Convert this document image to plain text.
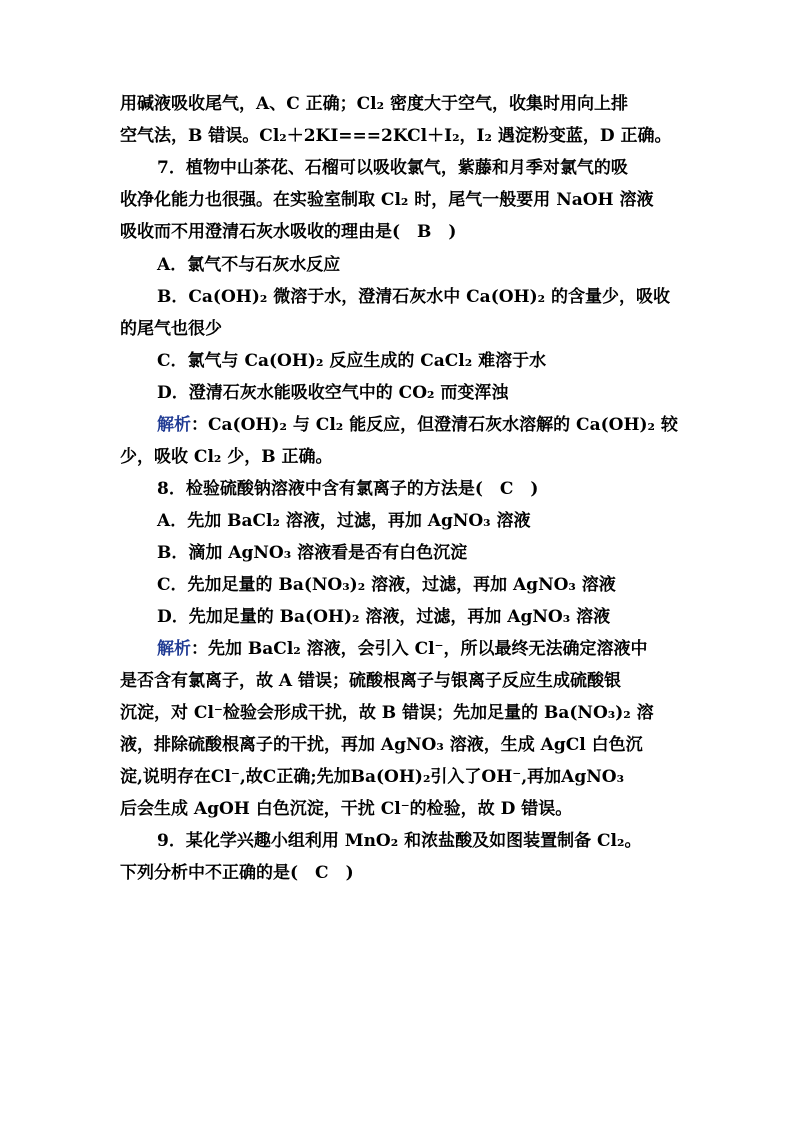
用碱液吸收尾气，A、C 正确；Cl₂ 密度大于空气，收集时用向上排
空气法，B 错误。Cl₂＋2KI===2KCl＋I₂，I₂ 遇淀粉变蓝，D 正确。
7．植物中山茶花、石榴可以吸收氯气，紫藤和月季对氯气的吸
收净化能力也很强。在实验室制取 Cl₂ 时，尾气一般要用 NaOH 溶液
吸收而不用澄清石灰水吸收的理由是(　B　)
A．氯气不与石灰水反应
B．Ca(OH)₂ 微溶于水，澄清石灰水中 Ca(OH)₂ 的含量少，吸收
的尾气也很少
C．氯气与 Ca(OH)₂ 反应生成的 CaCl₂ 难溶于水
D．澄清石灰水能吸收空气中的 CO₂ 而变浑浊
解析：Ca(OH)₂ 与 Cl₂ 能反应，但澄清石灰水溶解的 Ca(OH)₂ 较
少，吸收 Cl₂ 少，B 正确。
8．检验硫酸钠溶液中含有氯离子的方法是(　C　)
A．先加 BaCl₂ 溶液，过滤，再加 AgNO₃ 溶液
B．滴加 AgNO₃ 溶液看是否有白色沉淀
C．先加足量的 Ba(NO₃)₂ 溶液，过滤，再加 AgNO₃ 溶液
D．先加足量的 Ba(OH)₂ 溶液，过滤，再加 AgNO₃ 溶液
解析：先加 BaCl₂ 溶液，会引入 Cl⁻，所以最终无法确定溶液中
是否含有氯离子，故 A 错误；硫酸根离子与银离子反应生成硫酸银
沉淀，对 Cl⁻检验会形成干扰，故 B 错误；先加足量的 Ba(NO₃)₂ 溶
液，排除硫酸根离子的干扰，再加 AgNO₃ 溶液，生成 AgCl 白色沉
淀,说明存在Cl⁻,故C正确;先加Ba(OH)₂引入了OH⁻,再加AgNO₃
后会生成 AgOH 白色沉淀，干扰 Cl⁻的检验，故 D 错误。
9．某化学兴趣小组利用 MnO₂ 和浓盐酸及如图装置制备 Cl₂。
下列分析中不正确的是(　C　)
